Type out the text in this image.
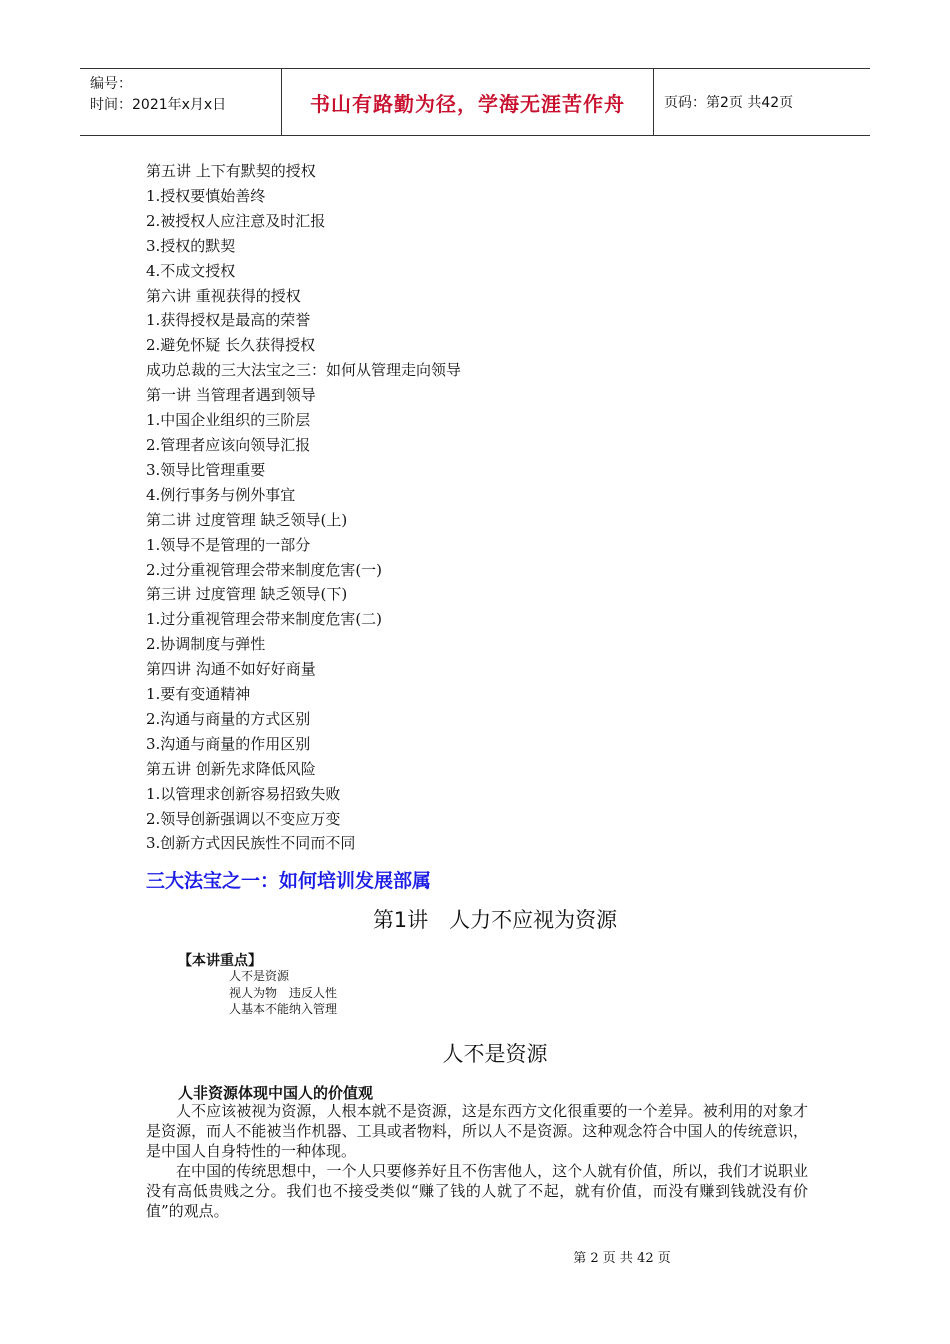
编号：
时间：2021年x月x日	书山有路勤为径，学海无涯苦作舟	页码：第2页 共42页
第五讲 上下有默契的授权
1.授权要慎始善终
2.被授权人应注意及时汇报
3.授权的默契
4.不成文授权
第六讲 重视获得的授权
1.获得授权是最高的荣誉
2.避免怀疑 长久获得授权
成功总裁的三大法宝之三：如何从管理走向领导
第一讲 当管理者遇到领导
1.中国企业组织的三阶层
2.管理者应该向领导汇报
3.领导比管理重要
4.例行事务与例外事宜
第二讲 过度管理 缺乏领导(上)
1.领导不是管理的一部分
2.过分重视管理会带来制度危害(一)
第三讲 过度管理 缺乏领导(下)
1.过分重视管理会带来制度危害(二)
2.协调制度与弹性
第四讲 沟通不如好好商量
1.要有变通精神
2.沟通与商量的方式区别
3.沟通与商量的作用区别
第五讲 创新先求降低风险
1.以管理求创新容易招致失败
2.领导创新强调以不变应万变
3.创新方式因民族性不同而不同
三大法宝之一：如何培训发展部属
第1讲　人力不应视为资源
【本讲重点】
人不是资源
视人为物　违反人性
人基本不能纳入管理
人不是资源
人非资源体现中国人的价值观

人不应该被视为资源，人根本就不是资源，这是东西方文化很重要的一个差异。被利用的对象才是资源，而人不能被当作机器、工具或者物料，所以人不是资源。这种观念符合中国人的传统意识，是中国人自身特性的一种体现。

在中国的传统思想中，一个人只要修养好且不伤害他人，这个人就有价值，所以，我们才说职业没有高低贵贱之分。我们也不接受类似“赚了钱的人就了不起，就有价值，而没有赚到钱就没有价值”的观点。

第 2 页 共 42 页
